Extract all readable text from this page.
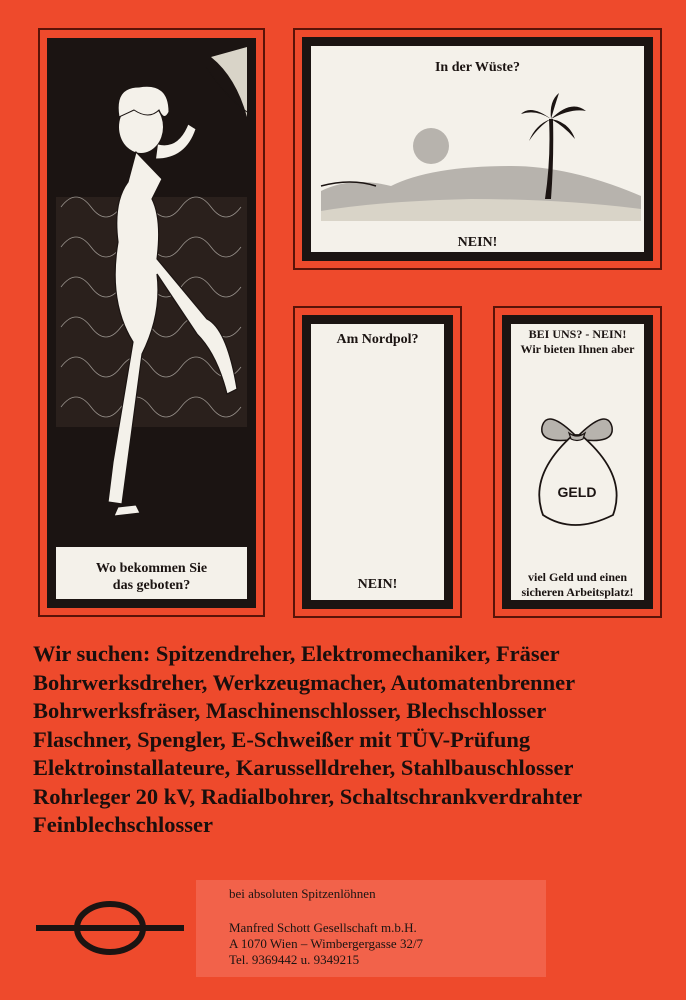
Wo bekommen Sie
das geboten?
In der Wüste?
NEIN!
Am Nordpol?
NEIN!
BEI UNS? - NEIN!
Wir bieten Ihnen aber
GELD
viel Geld und einen
sicheren Arbeitsplatz!
Wir suchen: Spitzendreher, Elektromechaniker, Fräser
Bohrwerksdreher, Werkzeugmacher, Automatenbrenner
Bohrwerksfräser, Maschinenschlosser, Blechschlosser
Flaschner, Spengler, E-Schweißer mit TÜV-Prüfung
Elektroinstallateure, Karusselldreher, Stahlbauschlosser
Rohrleger 20 kV, Radialbohrer, Schaltschrankverdrahter
Feinblechschlosser
bei absoluten Spitzenlöhnen
Manfred Schott Gesellschaft m.b.H.
A 1070 Wien – Wimbergergasse 32/7
Tel. 9369442 u. 9349215
